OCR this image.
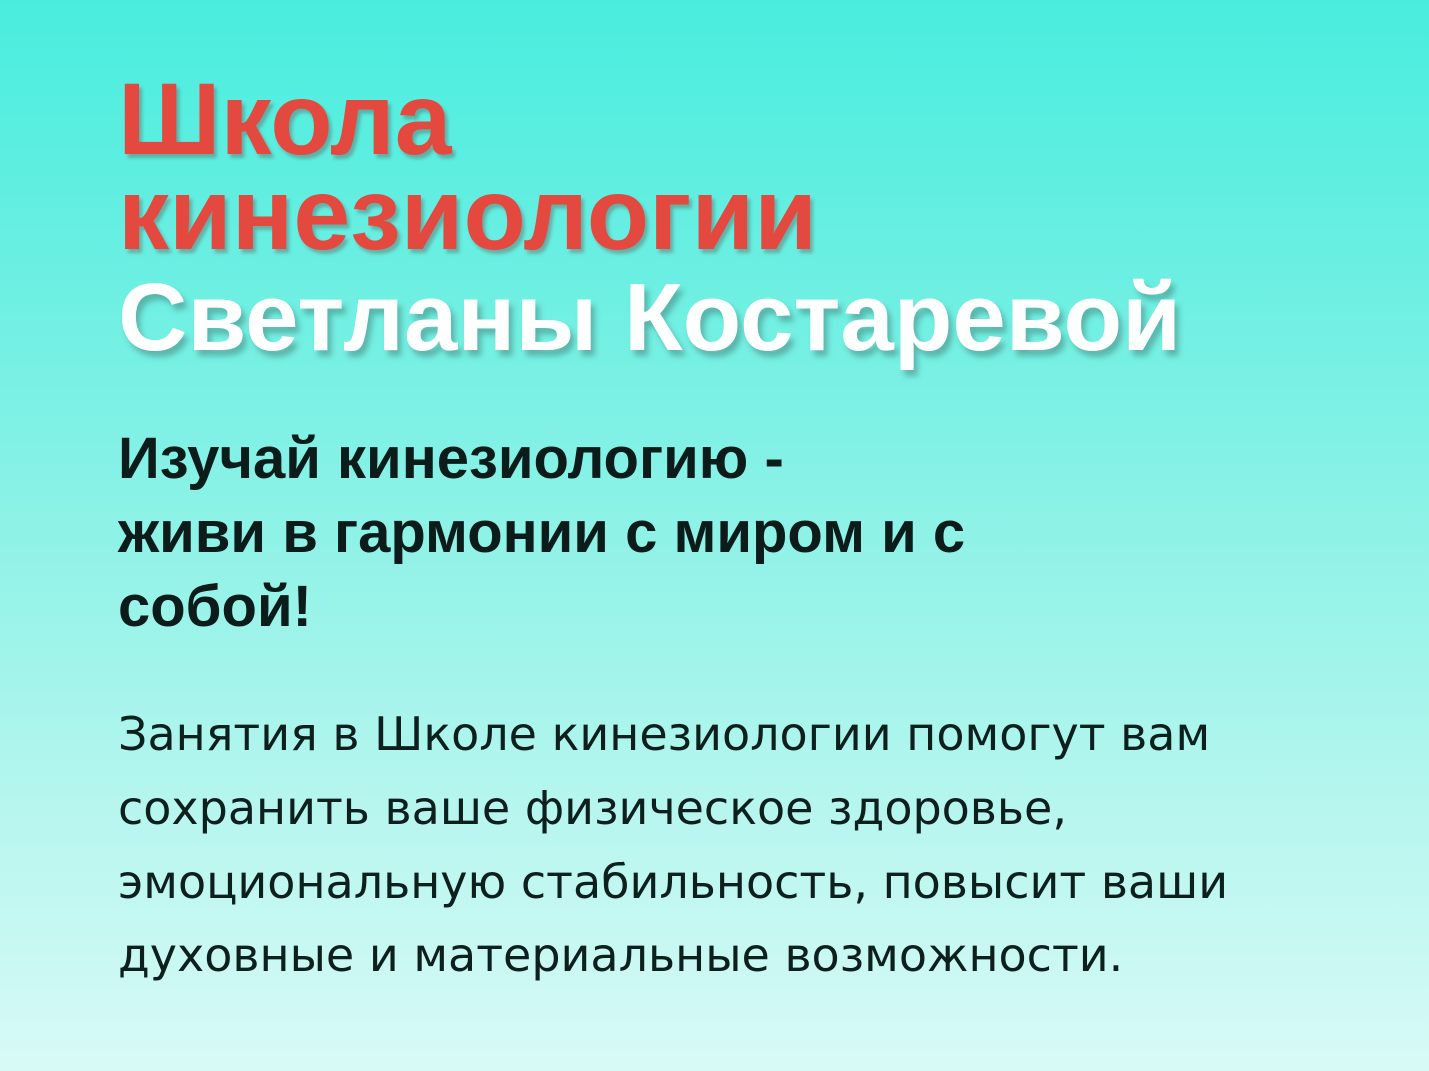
Школа
кинезиологии
Светланы Костаревой
Изучай кинезиологию -
живи в гармонии с миром и с
собой!
Занятия в Школе кинезиологии помогут вам
сохранить ваше физическое здоровье,
эмоциональную стабильность, повысит ваши
духовные и материальные возможности.
